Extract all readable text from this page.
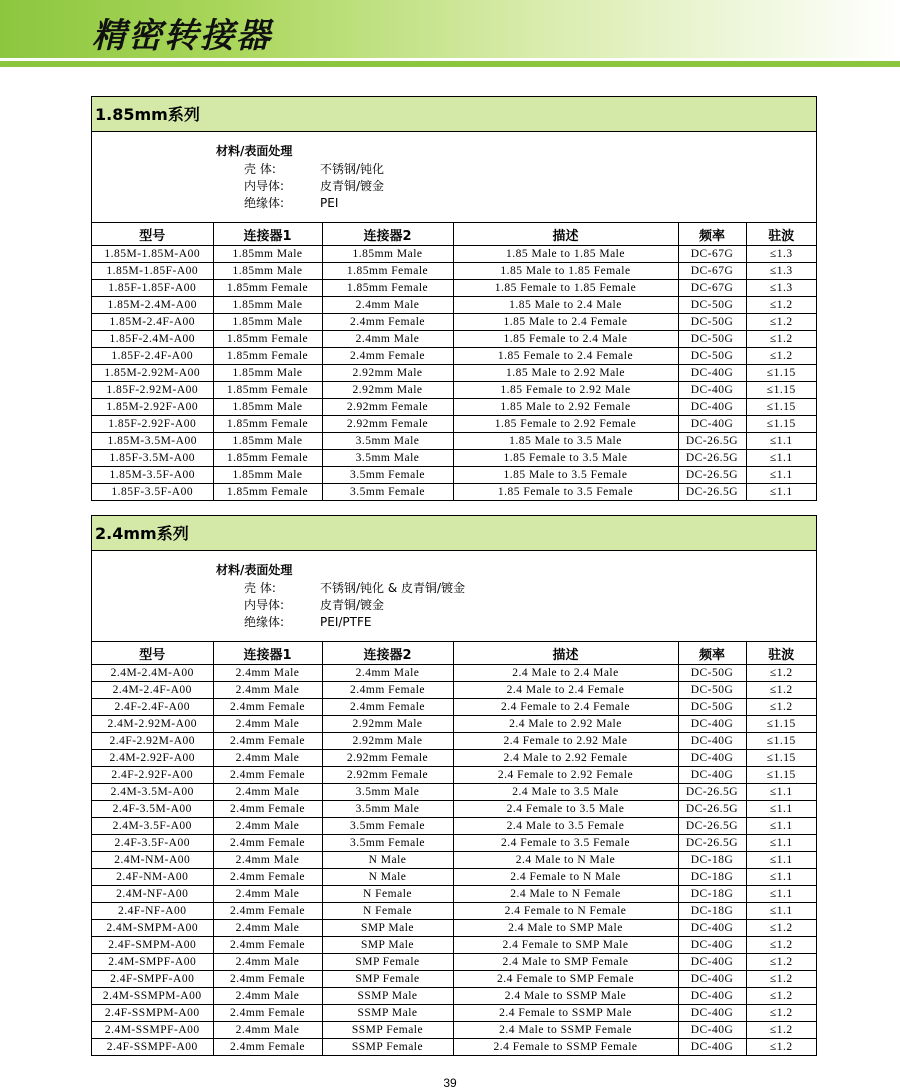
精密转接器
1.85mm系列
材料/表面处理
壳 体:	不锈钢/钝化
内导体:	皮青铜/镀金
绝缘体:	PEI
型号	连接器1	连接器2	描述	频率	驻波
1.85M-1.85M-A00	1.85mm Male	1.85mm Male	1.85 Male to 1.85 Male	DC-67G	≤1.3
1.85M-1.85F-A00	1.85mm Male	1.85mm Female	1.85 Male to 1.85 Female	DC-67G	≤1.3
1.85F-1.85F-A00	1.85mm Female	1.85mm Female	1.85 Female to 1.85 Female	DC-67G	≤1.3
1.85M-2.4M-A00	1.85mm Male	2.4mm Male	1.85 Male to 2.4 Male	DC-50G	≤1.2
1.85M-2.4F-A00	1.85mm Male	2.4mm Female	1.85 Male to 2.4 Female	DC-50G	≤1.2
1.85F-2.4M-A00	1.85mm Female	2.4mm Male	1.85 Female to 2.4 Male	DC-50G	≤1.2
1.85F-2.4F-A00	1.85mm Female	2.4mm Female	1.85 Female to 2.4 Female	DC-50G	≤1.2
1.85M-2.92M-A00	1.85mm Male	2.92mm Male	1.85 Male to 2.92 Male	DC-40G	≤1.15
1.85F-2.92M-A00	1.85mm Female	2.92mm Male	1.85 Female to 2.92 Male	DC-40G	≤1.15
1.85M-2.92F-A00	1.85mm Male	2.92mm Female	1.85 Male to 2.92 Female	DC-40G	≤1.15
1.85F-2.92F-A00	1.85mm Female	2.92mm Female	1.85 Female to 2.92 Female	DC-40G	≤1.15
1.85M-3.5M-A00	1.85mm Male	3.5mm Male	1.85 Male to 3.5 Male	DC-26.5G	≤1.1
1.85F-3.5M-A00	1.85mm Female	3.5mm Male	1.85 Female to 3.5 Male	DC-26.5G	≤1.1
1.85M-3.5F-A00	1.85mm Male	3.5mm Female	1.85 Male to 3.5 Female	DC-26.5G	≤1.1
1.85F-3.5F-A00	1.85mm Female	3.5mm Female	1.85 Female to 3.5 Female	DC-26.5G	≤1.1
2.4mm系列
材料/表面处理
壳 体:	不锈钢/钝化 & 皮青铜/镀金
内导体:	皮青铜/镀金
绝缘体:	PEI/PTFE
型号	连接器1	连接器2	描述	频率	驻波
2.4M-2.4M-A00	2.4mm Male	2.4mm Male	2.4 Male to 2.4 Male	DC-50G	≤1.2
2.4M-2.4F-A00	2.4mm Male	2.4mm Female	2.4 Male to 2.4 Female	DC-50G	≤1.2
2.4F-2.4F-A00	2.4mm Female	2.4mm Female	2.4 Female to 2.4 Female	DC-50G	≤1.2
2.4M-2.92M-A00	2.4mm Male	2.92mm Male	2.4 Male to 2.92 Male	DC-40G	≤1.15
2.4F-2.92M-A00	2.4mm Female	2.92mm Male	2.4 Female to 2.92 Male	DC-40G	≤1.15
2.4M-2.92F-A00	2.4mm Male	2.92mm Female	2.4 Male to 2.92 Female	DC-40G	≤1.15
2.4F-2.92F-A00	2.4mm Female	2.92mm Female	2.4 Female to 2.92 Female	DC-40G	≤1.15
2.4M-3.5M-A00	2.4mm Male	3.5mm Male	2.4 Male to 3.5 Male	DC-26.5G	≤1.1
2.4F-3.5M-A00	2.4mm Female	3.5mm Male	2.4 Female to 3.5 Male	DC-26.5G	≤1.1
2.4M-3.5F-A00	2.4mm Male	3.5mm Female	2.4 Male to 3.5 Female	DC-26.5G	≤1.1
2.4F-3.5F-A00	2.4mm Female	3.5mm Female	2.4 Female to 3.5 Female	DC-26.5G	≤1.1
2.4M-NM-A00	2.4mm Male	N Male	2.4 Male to N Male	DC-18G	≤1.1
2.4F-NM-A00	2.4mm Female	N Male	2.4 Female to N Male	DC-18G	≤1.1
2.4M-NF-A00	2.4mm Male	N Female	2.4 Male to N Female	DC-18G	≤1.1
2.4F-NF-A00	2.4mm Female	N Female	2.4 Female to N Female	DC-18G	≤1.1
2.4M-SMPM-A00	2.4mm Male	SMP Male	2.4 Male to SMP Male	DC-40G	≤1.2
2.4F-SMPM-A00	2.4mm Female	SMP Male	2.4 Female to SMP Male	DC-40G	≤1.2
2.4M-SMPF-A00	2.4mm Male	SMP Female	2.4 Male to SMP Female	DC-40G	≤1.2
2.4F-SMPF-A00	2.4mm Female	SMP Female	2.4 Female to SMP Female	DC-40G	≤1.2
2.4M-SSMPM-A00	2.4mm Male	SSMP Male	2.4 Male to SSMP Male	DC-40G	≤1.2
2.4F-SSMPM-A00	2.4mm Female	SSMP Male	2.4 Female to SSMP Male	DC-40G	≤1.2
2.4M-SSMPF-A00	2.4mm Male	SSMP Female	2.4 Male to SSMP Female	DC-40G	≤1.2
2.4F-SSMPF-A00	2.4mm Female	SSMP Female	2.4 Female to SSMP Female	DC-40G	≤1.2
39
